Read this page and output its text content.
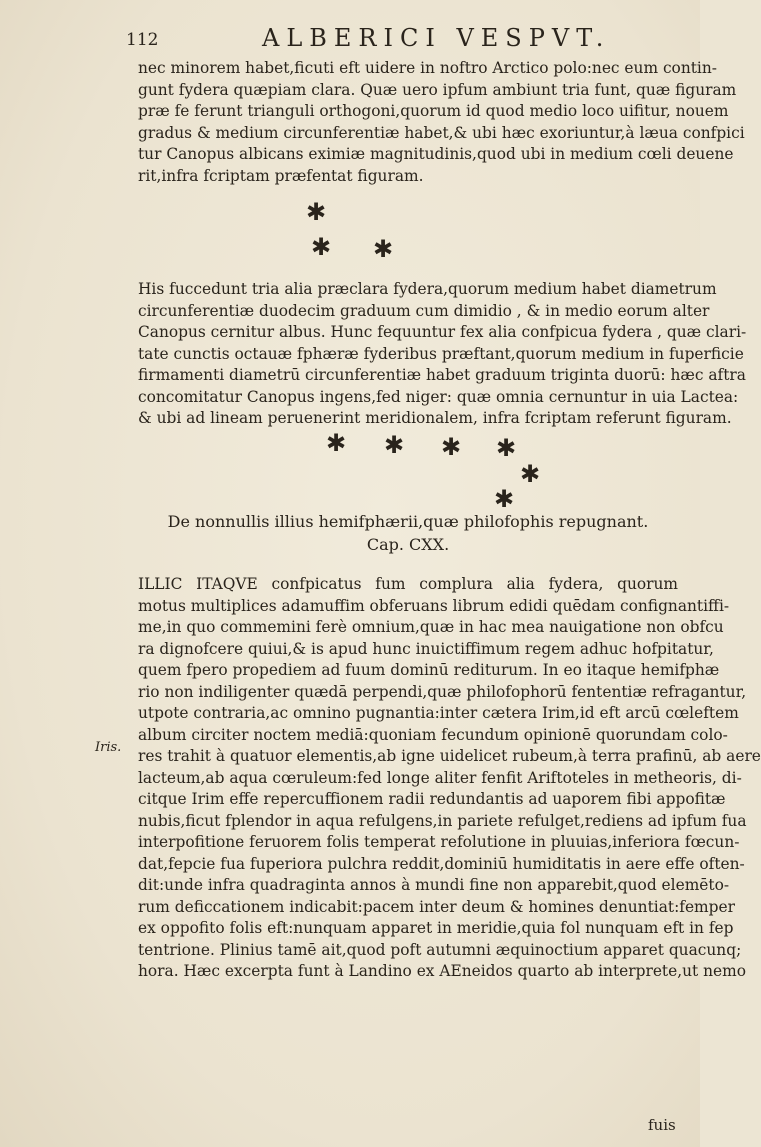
112	ALBERICI VESPVT.
nec minorem habet,ficuti eft uidere in noftro Arctico polo:nec eum contin-
gunt fydera quæpiam clara. Quæ uero ipfum ambiunt tria funt, quæ figuram
præ fe ferunt trianguli orthogoni,quorum id quod medio loco uifitur, nouem
gradus & medium circunferentiæ habet,& ubi hæc exoriuntur,à læua confpici
tur Canopus albicans eximiæ magnitudinis,quod ubi in medium cœli deuene
rit,infra fcriptam præfentat figuram.
✱
✱ ✱
His fuccedunt tria alia præclara fydera,quorum medium habet diametrum
circunferentiæ duodecim graduum cum dimidio , & in medio eorum alter
Canopus cernitur albus. Hunc fequuntur fex alia confpicua fydera , quæ clari-
tate cunctis octauæ fphæræ fyderibus præftant,quorum medium in fuperficie
firmamenti diametrū circunferentiæ habet graduum triginta duorū: hæc aftra
concomitatur Canopus ingens,fed niger: quæ omnia cernuntur in uia Lactea:
& ubi ad lineam peruenerint meridionalem, infra fcriptam referunt figuram.
✱ ✱ ✱ ✱
✱
✱
De nonnullis illius hemifphærii,quæ philofophis repugnant.
Cap. CXX.
ILLIC ITAQVE confpicatus fum complura alia fydera, quorum
motus multiplices adamuffim obferuans librum edidi quēdam confignantiffi-
me,in quo commemini ferè omnium,quæ in hac mea nauigatione non obfcu
ra dignofcere quiui,& is apud hunc inuictiffimum regem adhuc hofpitatur,
quem fpero propediem ad fuum dominū rediturum. In eo itaque hemifphæ
rio non indiligenter quædā perpendi,quæ philofophorū fententiæ refragantur,
utpote contraria,ac omnino pugnantia:inter cætera Irim,id eft arcū cœleftem
album circiter noctem mediā:quoniam fecundum opinionē quorundam colo-
res trahit à quatuor elementis,ab igne uidelicet rubeum,à terra prafinū, ab aere
lacteum,ab aqua cœruleum:fed longe aliter fenfit Ariftoteles in metheoris, di-
citque Irim effe repercuffionem radii redundantis ad uaporem fibi appofitæ
nubis,ficut fplendor in aqua refulgens,in pariete refulget,rediens ad ipfum fua
interpofitione feruorem folis temperat refolutione in pluuias,inferiora fœcun-
dat,fepcie fua fuperiora pulchra reddit,dominiū humiditatis in aere effe often-
dit:unde infra quadraginta annos à mundi fine non apparebit,quod elemēto-
rum deficcationem indicabit:pacem inter deum & homines denuntiat:femper
ex oppofito folis eft:nunquam apparet in meridie,quia fol nunquam eft in fep
tentrione. Plinius tamē ait,quod poft autumni æquinoctium apparet quacunq;
hora. Hæc excerpta funt à Landino ex AEneidos quarto ab interprete,ut nemo
Iris.
fuis
